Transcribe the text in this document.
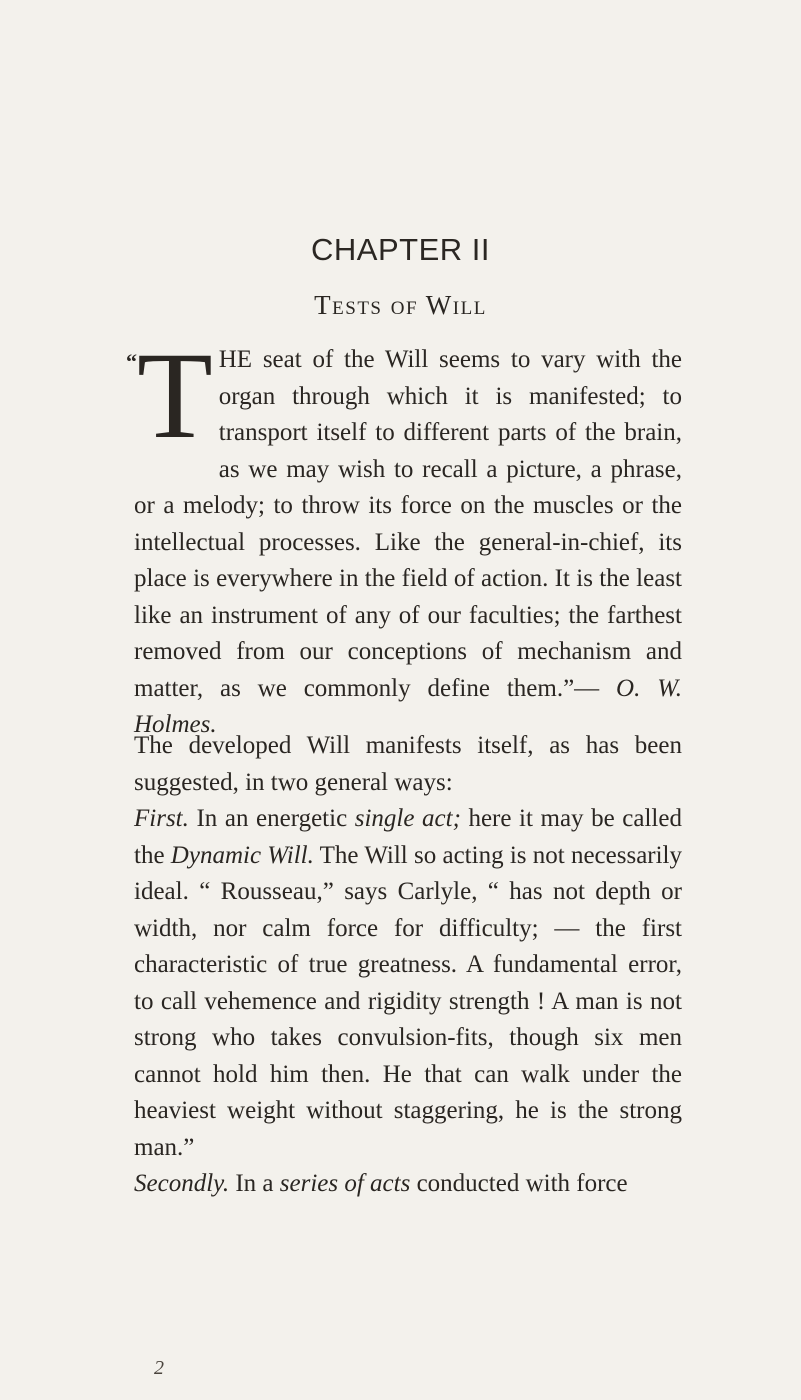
CHAPTER II
Tests of Will

“ T HE seat of the Will seems to vary with the organ through which it is manifested; to transport itself to different parts of the brain, as we may wish to recall a picture, a phrase, or a melody; to throw its force on the muscles or the intellectual processes. Like the general-in-chief, its place is everywhere in the field of action. It is the least like an instrument of any of our faculties; the farthest removed from our conceptions of mechanism and matter, as we commonly define them.”— O. W. Holmes.

The developed Will manifests itself, as has been suggested, in two general ways:

First. In an energetic single act; here it may be called the Dynamic Will. The Will so acting is not necessarily ideal. “ Rousseau,” says Carlyle, “ has not depth or width, nor calm force for difficulty; — the first characteristic of true greatness. A fundamental error, to call vehemence and rigidity strength ! A man is not strong who takes convulsion-fits, though six men cannot hold him then. He that can walk under the heaviest weight without staggering, he is the strong man.”

Secondly. In a series of acts conducted with force

2
